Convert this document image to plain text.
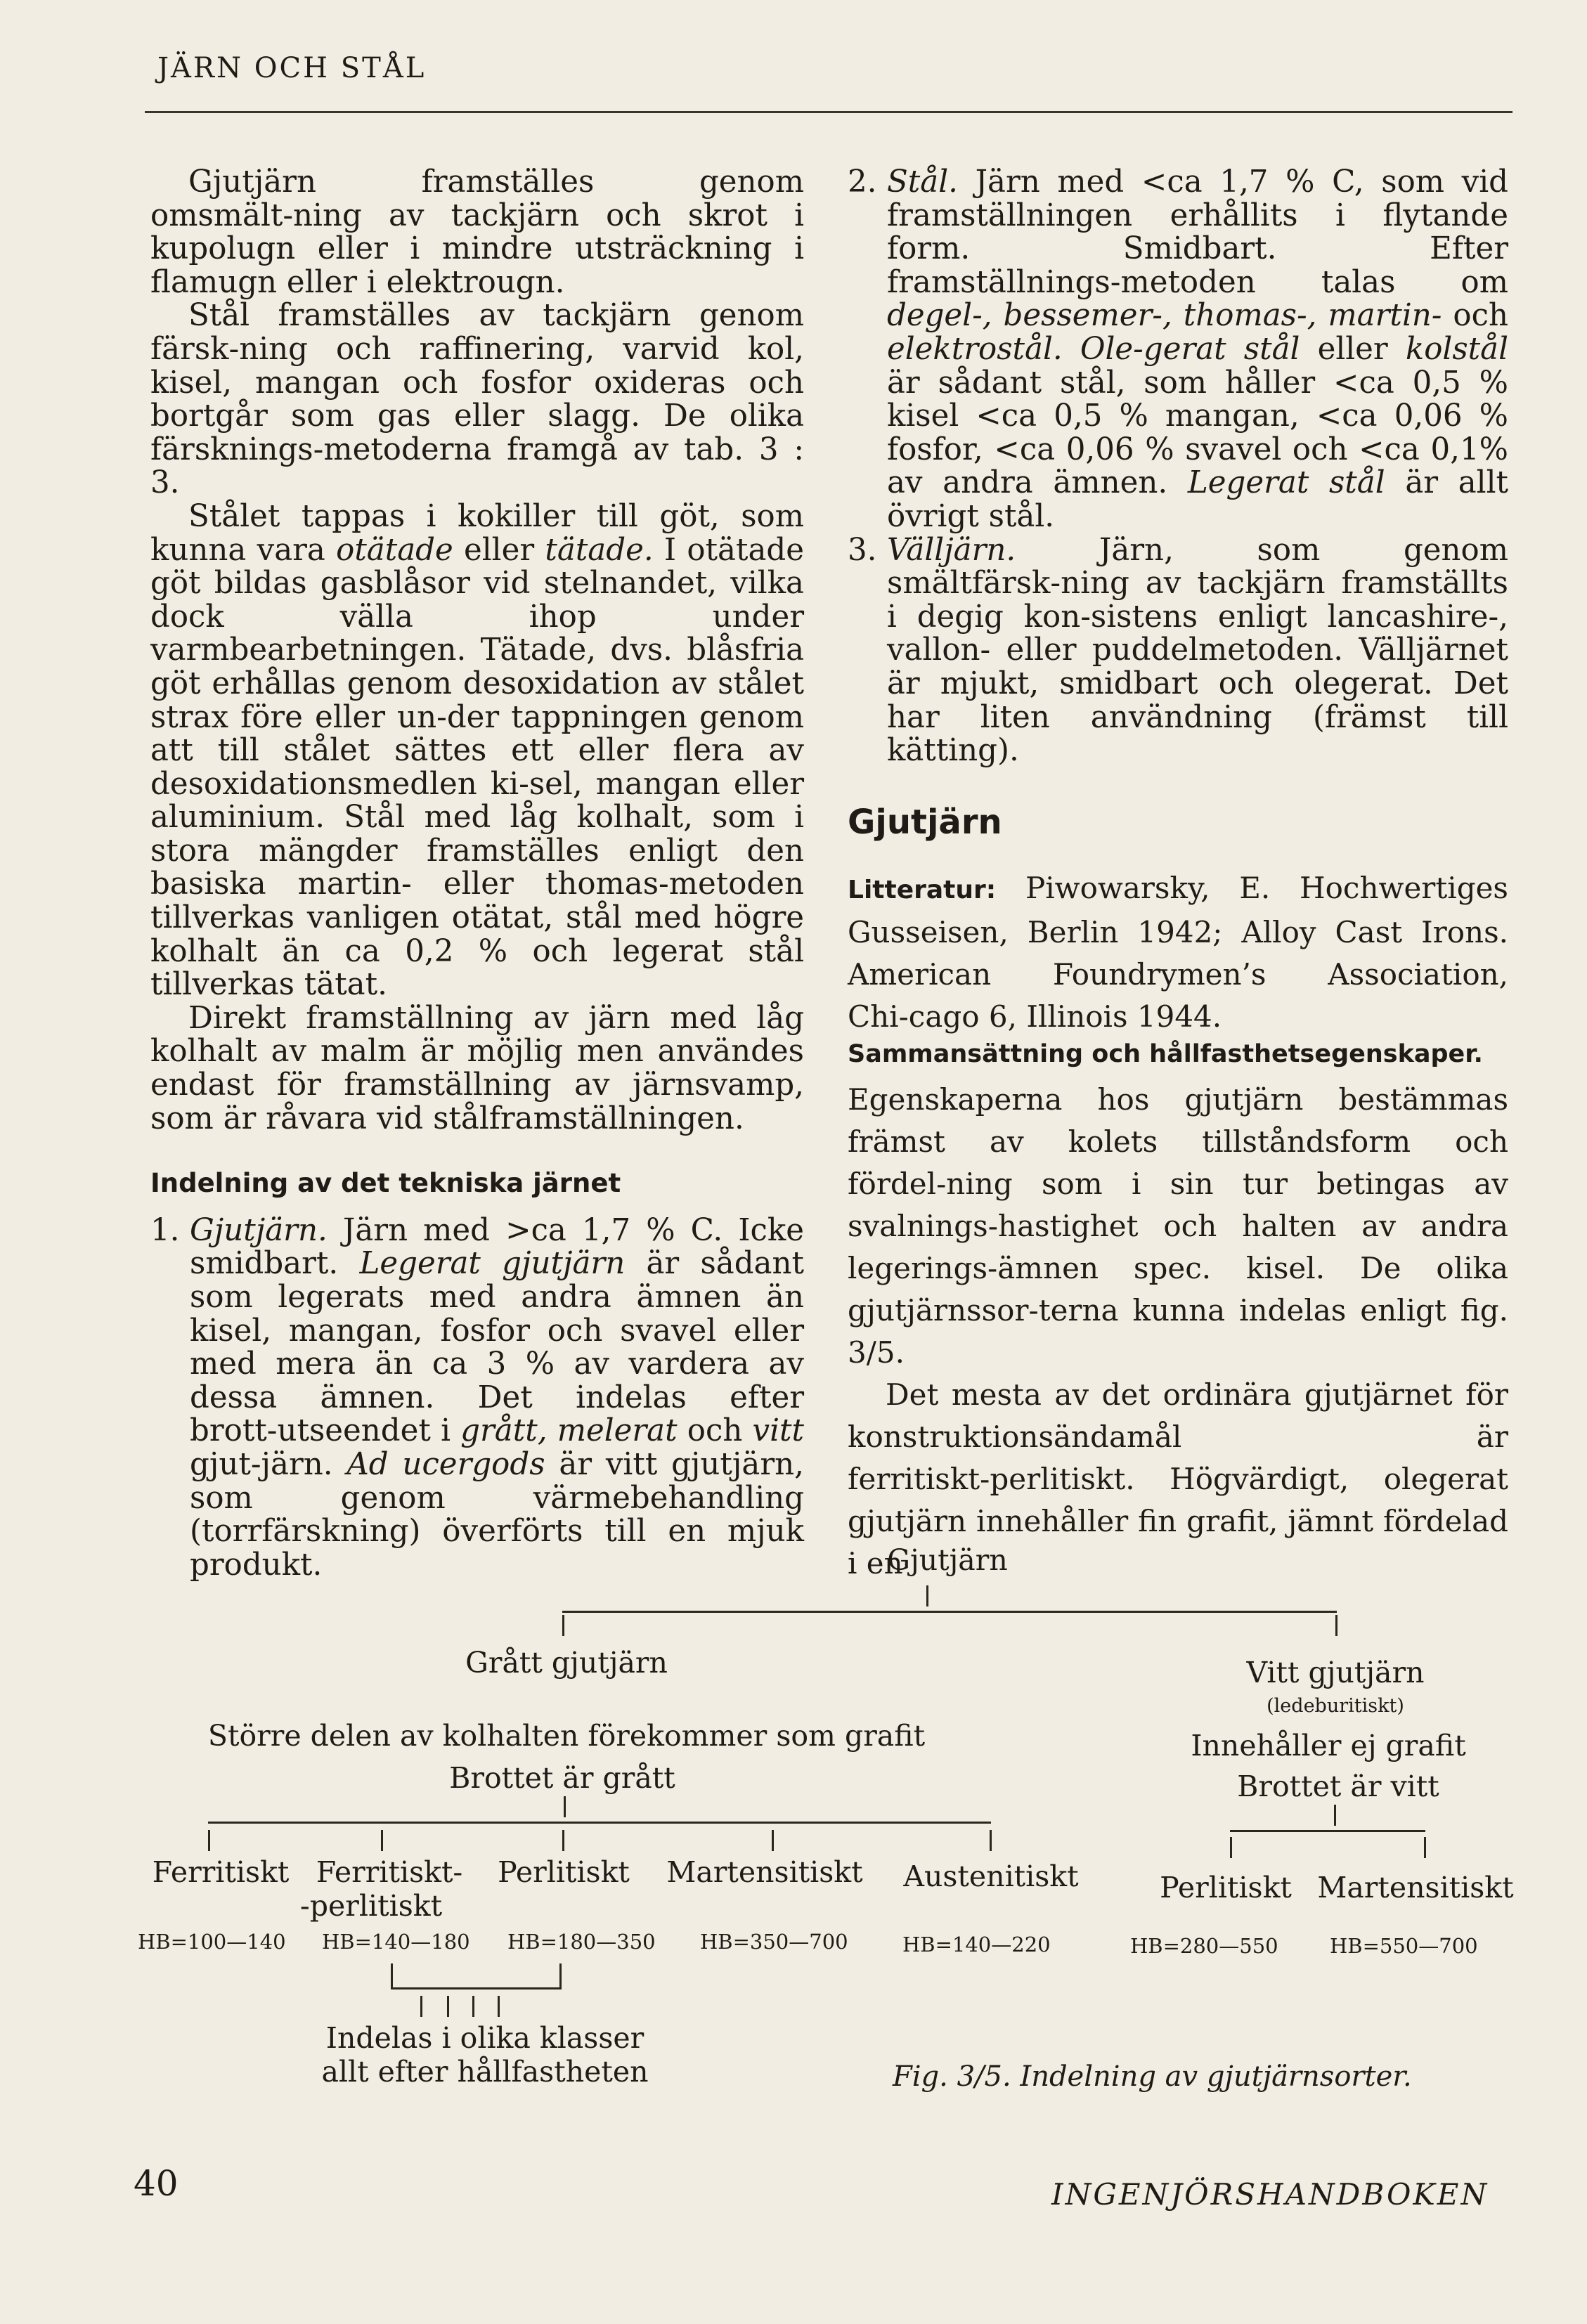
JÄRN OCH STÅL

Gjutjärn framställes genom omsmält‑ning av tackjärn och skrot i kupolugn eller i mindre utsträckning i flamugn eller i elektrougn.

Stål framställes av tackjärn genom färsk‑ning och raffinering, varvid kol, kisel, mangan och fosfor oxideras och bortgår som gas eller slagg. De olika färsknings‑metoderna framgå av tab. 3 : 3.

Stålet tappas i kokiller till göt, som kunna vara otätade eller tätade. I otätade göt bildas gasblåsor vid stelnandet, vilka dock välla ihop under varmbearbetningen. Tätade, dvs. blåsfria göt erhållas genom desoxidation av stålet strax före eller un‑der tappningen genom att till stålet sättes ett eller flera av desoxidationsmedlen ki‑sel, mangan eller aluminium. Stål med låg kolhalt, som i stora mängder framställes enligt den basiska martin‑ eller thomas‑metoden tillverkas vanligen otätat, stål med högre kolhalt än ca 0,2 % och legerat stål tillverkas tätat.

Direkt framställning av järn med låg kolhalt av malm är möjlig men användes endast för framställning av järnsvamp, som är råvara vid stålframställningen.

Indelning av det tekniska järnet

1. Gjutjärn. Järn med >ca 1,7 % C. Icke smidbart. Legerat gjutjärn är sådant som legerats med andra ämnen än kisel, mangan, fosfor och svavel eller med mera än ca 3 % av vardera av dessa ämnen. Det indelas efter brott‑utseendet i grått, melerat och vitt gjut‑järn. Ad ucergods är vitt gjutjärn, som genom värmebehandling (torrfärskning) överförts till en mjuk produkt.

2. Stål. Järn med <ca 1,7 % C, som vid framställningen erhållits i flytande form. Smidbart. Efter framställnings‑metoden talas om degel‑, bessemer‑, thomas‑, martin‑ och elektrostål. Ole‑gerat stål eller kolstål är sådant stål, som håller <ca 0,5 % kisel <ca 0,5 % mangan, <ca 0,06 % fosfor, <ca 0,06 % svavel och <ca 0,1% av andra ämnen. Legerat stål är allt övrigt stål.

3. Välljärn. Järn, som genom smältfärsk‑ning av tackjärn framställts i degig kon‑sistens enligt lancashire‑, vallon‑ eller puddelmetoden. Välljärnet är mjukt, smidbart och olegerat. Det har liten användning (främst till kätting).

Gjutjärn

Litteratur: Piwowarsky, E. Hochwertiges Gusseisen, Berlin 1942; Alloy Cast Irons. American Foundrymen’s Association, Chi‑cago 6, Illinois 1944.

Sammansättning och hållfasthetsegenskaper.

Egenskaperna hos gjutjärn bestämmas främst av kolets tillståndsform och fördel‑ning som i sin tur betingas av svalnings‑hastighet och halten av andra legerings‑ämnen spec. kisel. De olika gjutjärnssor‑terna kunna indelas enligt fig. 3/5.

Det mesta av det ordinära gjutjärnet för konstruktionsändamål är ferritiskt‑perlitiskt. Högvärdigt, olegerat gjutjärn innehåller fin grafit, jämnt fördelad i en

Gjutjärn
Grått gjutjärn
Större delen av kolhalten förekommer som grafit
Brottet är grått
Vitt gjutjärn
(ledeburitiskt)
Innehåller ej grafit
Brottet är vitt
Ferritiskt Ferritiskt‑
‑perlitiskt
Perlitiskt Martensitiskt Austenitiskt	Perlitiskt Martensitiskt
HB=100—140 HB=140—180 HB=180—350 HB=350—700	HB=140—220	HB=280—550	HB=550—700
Indelas i olika klasser
allt efter hållfastheten	Fig. 3/5. Indelning av gjutjärnsorter.
40	INGENJÖRSHANDBOKEN
